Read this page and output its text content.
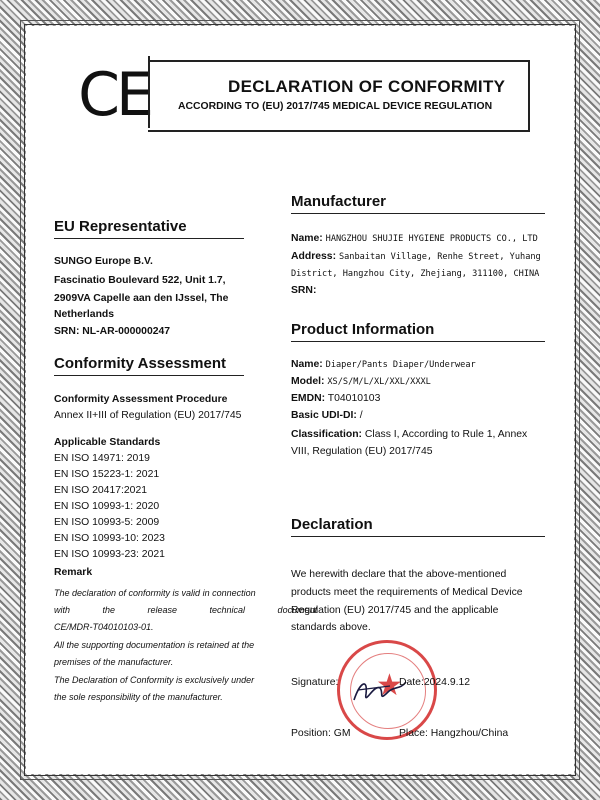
CE	DECLARATION OF CONFORMITY
ACCORDING TO (EU) 2017/745 MEDICAL DEVICE REGULATION
EU Representative
SUNGO Europe B.V.
Fascinatio Boulevard 522, Unit 1.7,
2909VA Capelle aan den IJssel, The
Netherlands
SRN: NL-AR-000000247
Conformity Assessment
Conformity Assessment Procedure
Annex II+III of Regulation (EU) 2017/745
Applicable Standards
EN ISO 14971: 2019
EN ISO 15223-1: 2021
EN ISO 20417:2021
EN ISO 10993-1: 2020
EN ISO 10993-5: 2009
EN ISO 10993-10: 2023
EN ISO 10993-23: 2021
Remark
The declaration of conformity is valid in connection
with the release technical document
CE/MDR-T04010103-01.
All the supporting documentation is retained at the
premises of the manufacturer.
The Declaration of Conformity is exclusively under
the sole responsibility of the manufacturer.
Manufacturer
Name: HANGZHOU SHUJIE HYGIENE PRODUCTS CO., LTD
Address: Sanbaitan Village, Renhe Street, Yuhang
District, Hangzhou City, Zhejiang, 311100, CHINA
SRN:
Product Information
Name: Diaper/Pants Diaper/Underwear
Model: XS/S/M/L/XL/XXL/XXXL
EMDN: T04010103
Basic UDI-DI: /
Classification: Class I, According to Rule 1, Annex
VIII, Regulation (EU) 2017/745
Declaration
We herewith declare that the above-mentioned
products meet the requirements of Medical Device
Regulation (EU) 2017/745 and the applicable
standards above.
★
Signature:	Date:2024.9.12
Position: GM	Place: Hangzhou/China
